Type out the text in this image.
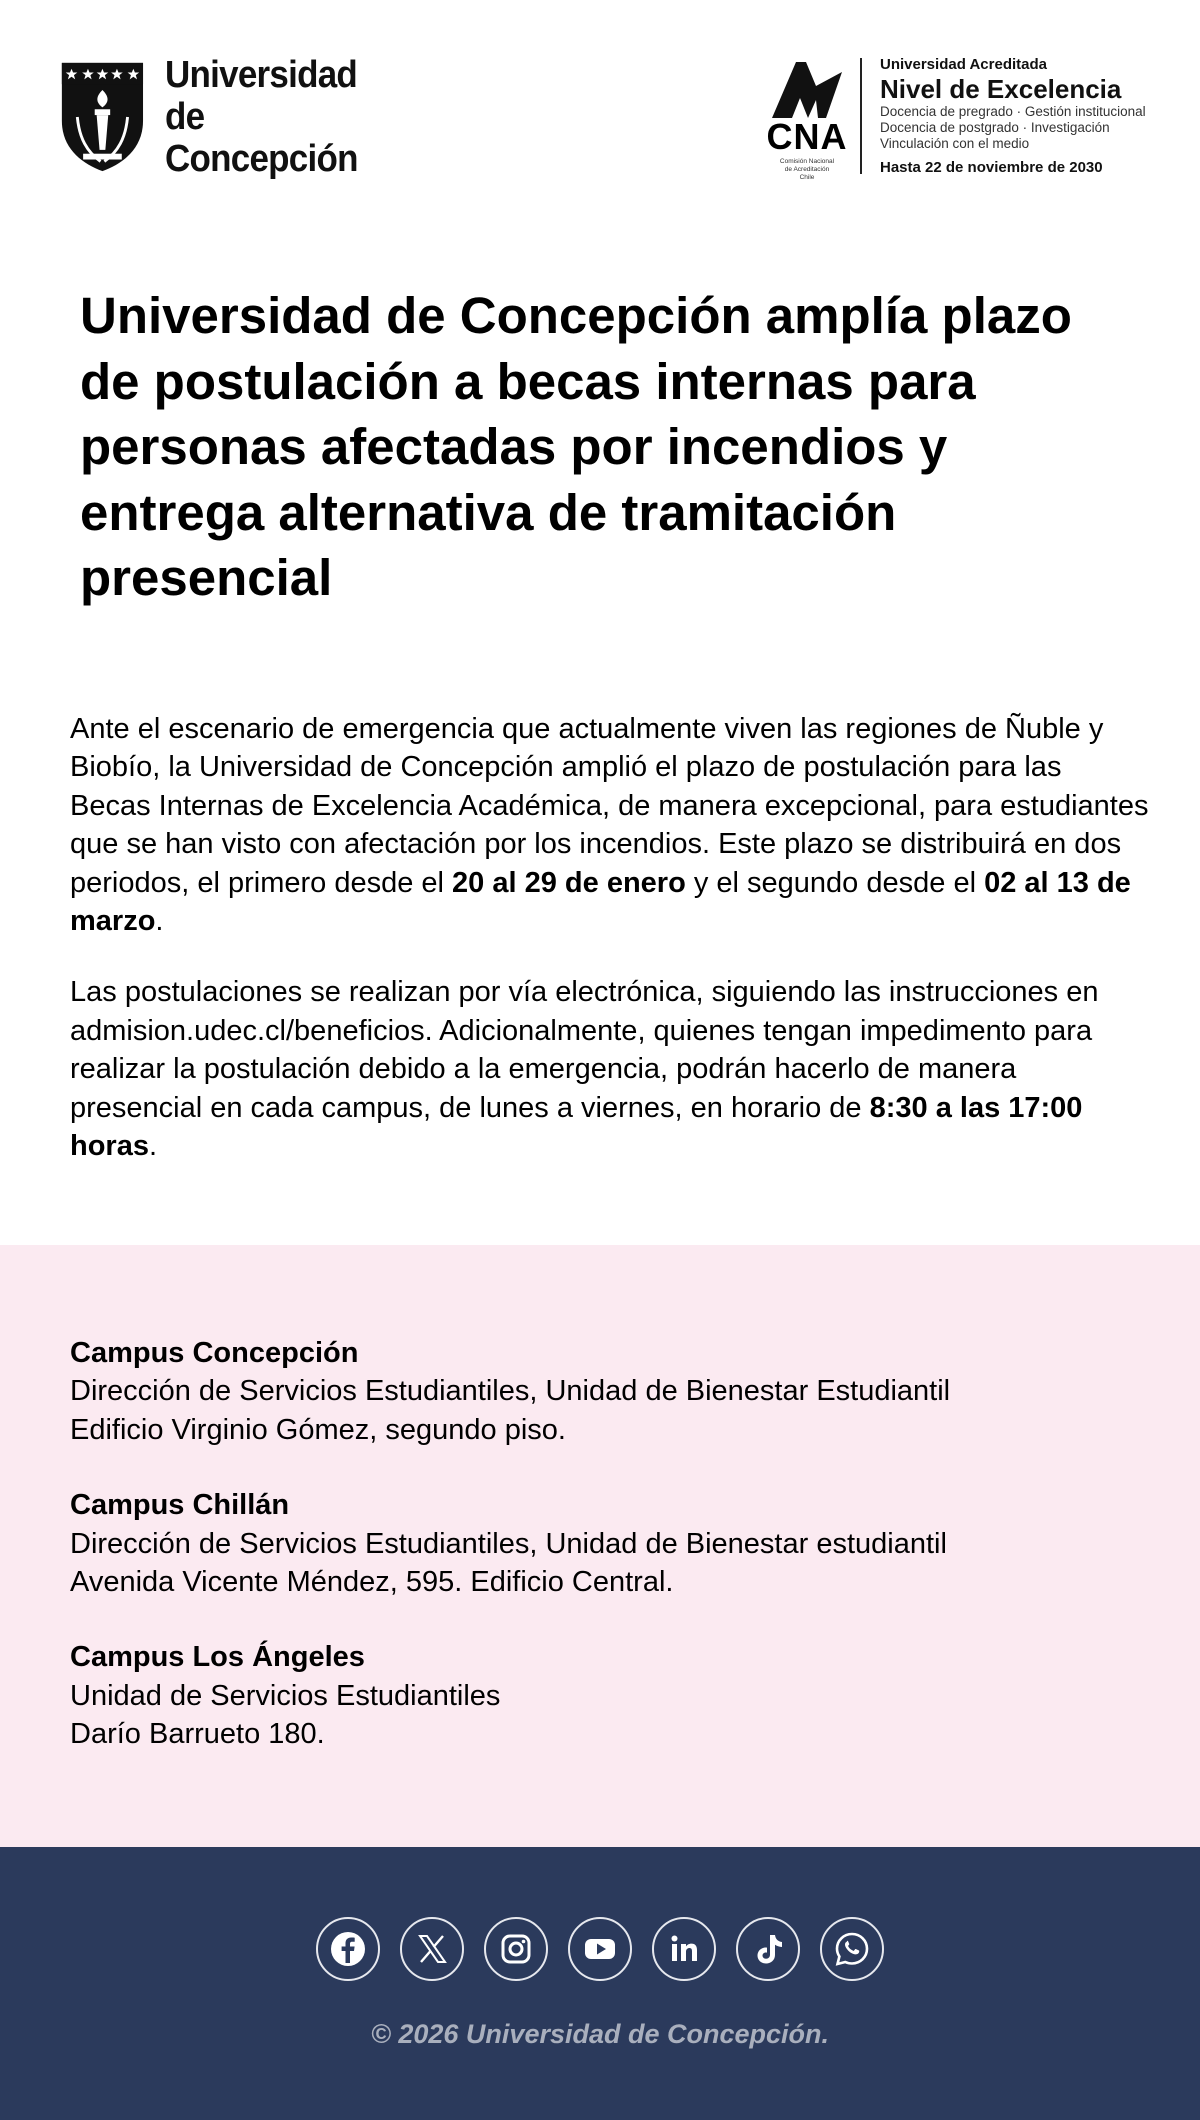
Universidad
de Concepción
CNA
Comisión Nacional
de Acreditación
Chile
Universidad Acreditada
Nivel de Excelencia
Docencia de pregrado · Gestión institucional
Docencia de postgrado · Investigación
Vinculación con el medio
Hasta 22 de noviembre de 2030
Universidad de Concepción amplía plazo de postulación a becas internas para personas afectadas por incendios y entrega alternativa de tramitación presencial

Ante el escenario de emergencia que actualmente viven las regiones de Ñuble y Biobío, la Universidad de Concepción amplió el plazo de postulación para las Becas Internas de Excelencia Académica, de manera excepcional, para estudiantes que se han visto con afectación por los incendios. Este plazo se distribuirá en dos periodos, el primero desde el 20 al 29 de enero y el segundo desde el 02 al 13 de marzo.

Las postulaciones se realizan por vía electrónica, siguiendo las instrucciones en admision.udec.cl/beneficios. Adicionalmente, quienes tengan impedimento para realizar la postulación debido a la emergencia, podrán hacerlo de manera presencial en cada campus, de lunes a viernes, en horario de 8:30 a las 17:00 horas.

Campus Concepción
Dirección de Servicios Estudiantiles, Unidad de Bienestar Estudiantil
Edificio Virginio Gómez, segundo piso.
Campus Chillán
Dirección de Servicios Estudiantiles, Unidad de Bienestar estudiantil
Avenida Vicente Méndez, 595. Edificio Central.
Campus Los Ángeles
Unidad de Servicios Estudiantiles
Darío Barrueto 180.
© 2026 Universidad de Concepción.
